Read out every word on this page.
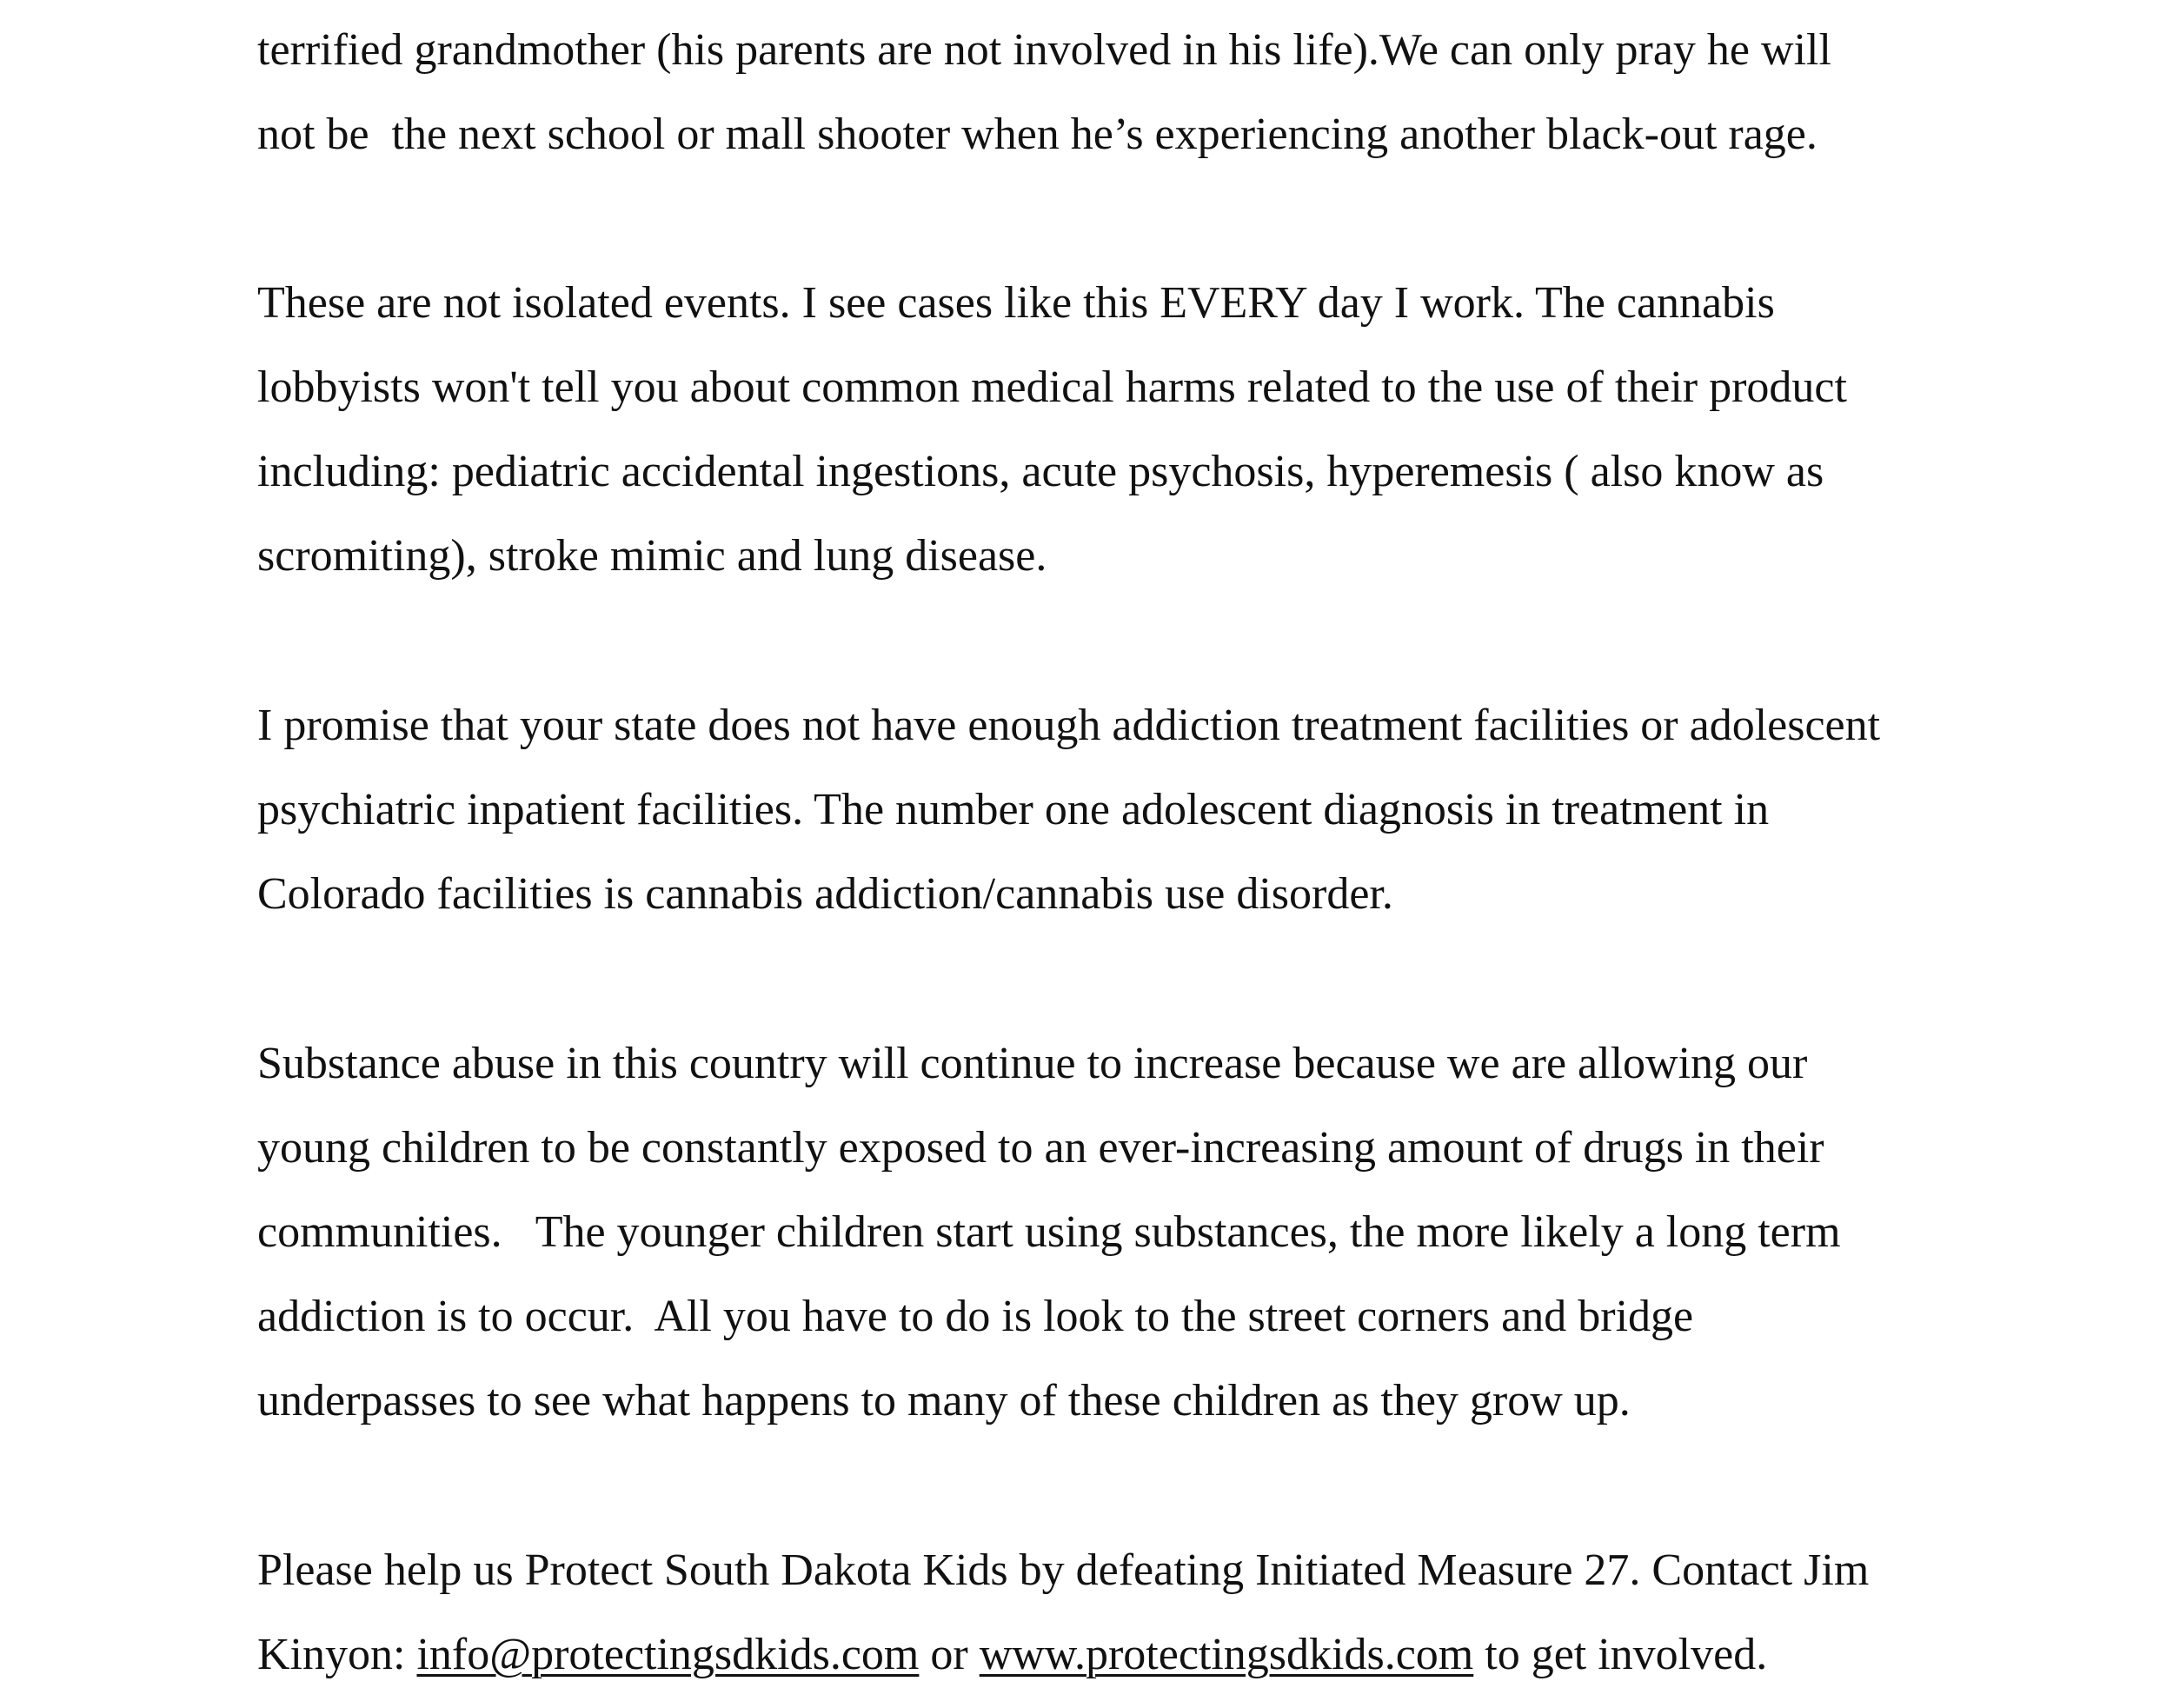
terrified grandmother (his parents are not involved in his life).We can only pray he will
not be  the next school or mall shooter when he’s experiencing another black-out rage.
These are not isolated events. I see cases like this EVERY day I work. The cannabis
lobbyists won't tell you about common medical harms related to the use of their product
including: pediatric accidental ingestions, acute psychosis, hyperemesis ( also know as
scromiting), stroke mimic and lung disease.
I promise that your state does not have enough addiction treatment facilities or adolescent
psychiatric inpatient facilities. The number one adolescent diagnosis in treatment in
Colorado facilities is cannabis addiction/cannabis use disorder.
Substance abuse in this country will continue to increase because we are allowing our
young children to be constantly exposed to an ever-increasing amount of drugs in their
communities.   The younger children start using substances, the more likely a long term
addiction is to occur.  All you have to do is look to the street corners and bridge
underpasses to see what happens to many of these children as they grow up.
Please help us Protect South Dakota Kids by defeating Initiated Measure 27. Contact Jim
Kinyon: info@protectingsdkids.com or www.protectingsdkids.com to get involved.
